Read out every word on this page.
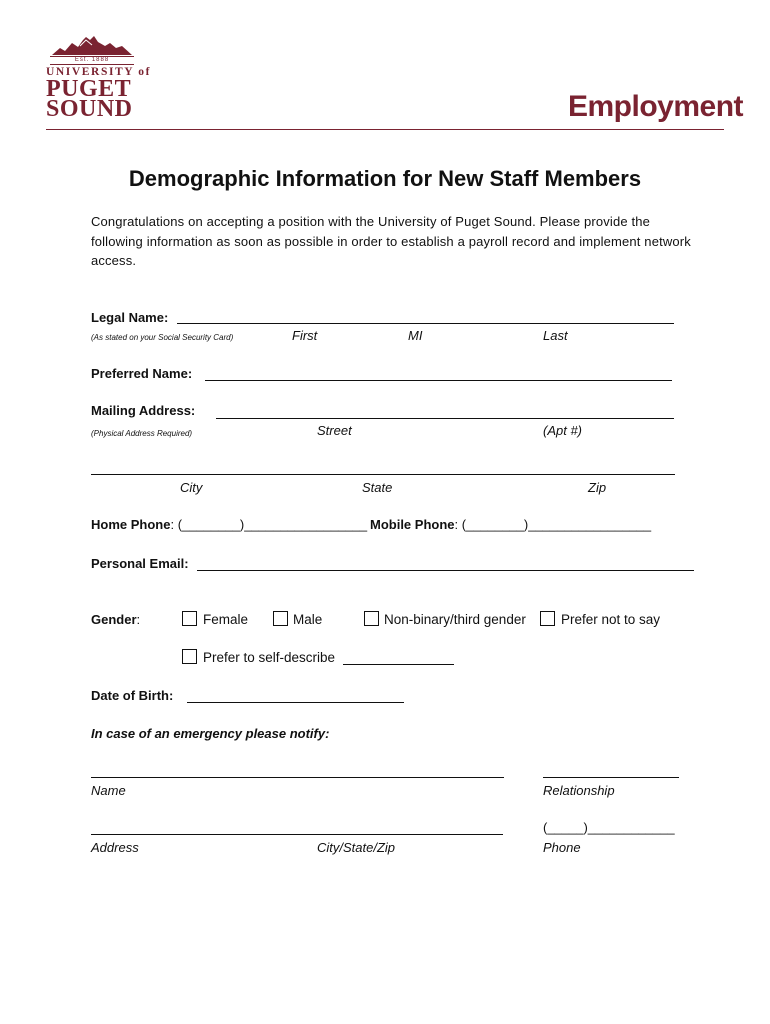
Est. 1888
UNIVERSITY of
PUGET
SOUND	Employment
Demographic Information for New Staff Members
Congratulations on accepting a position with the University of Puget Sound. Please provide the following information as soon as possible in order to establish a payroll record and implement network access.
Legal Name:
(As stated on your Social Security Card)	First	MI	Last
Preferred Name:
Mailing Address:
(Physical Address Required)	Street	(Apt #)
City	State	Zip
Home Phone: (________)_________________ Mobile Phone: (________)_________________
Personal Email:
Gender:	Female	Male	Non-binary/third gender	Prefer not to say
Prefer to self-describe
Date of Birth:
In case of an emergency please notify:
Name	Relationship
(_____)____________
Address	City/State/Zip	Phone
